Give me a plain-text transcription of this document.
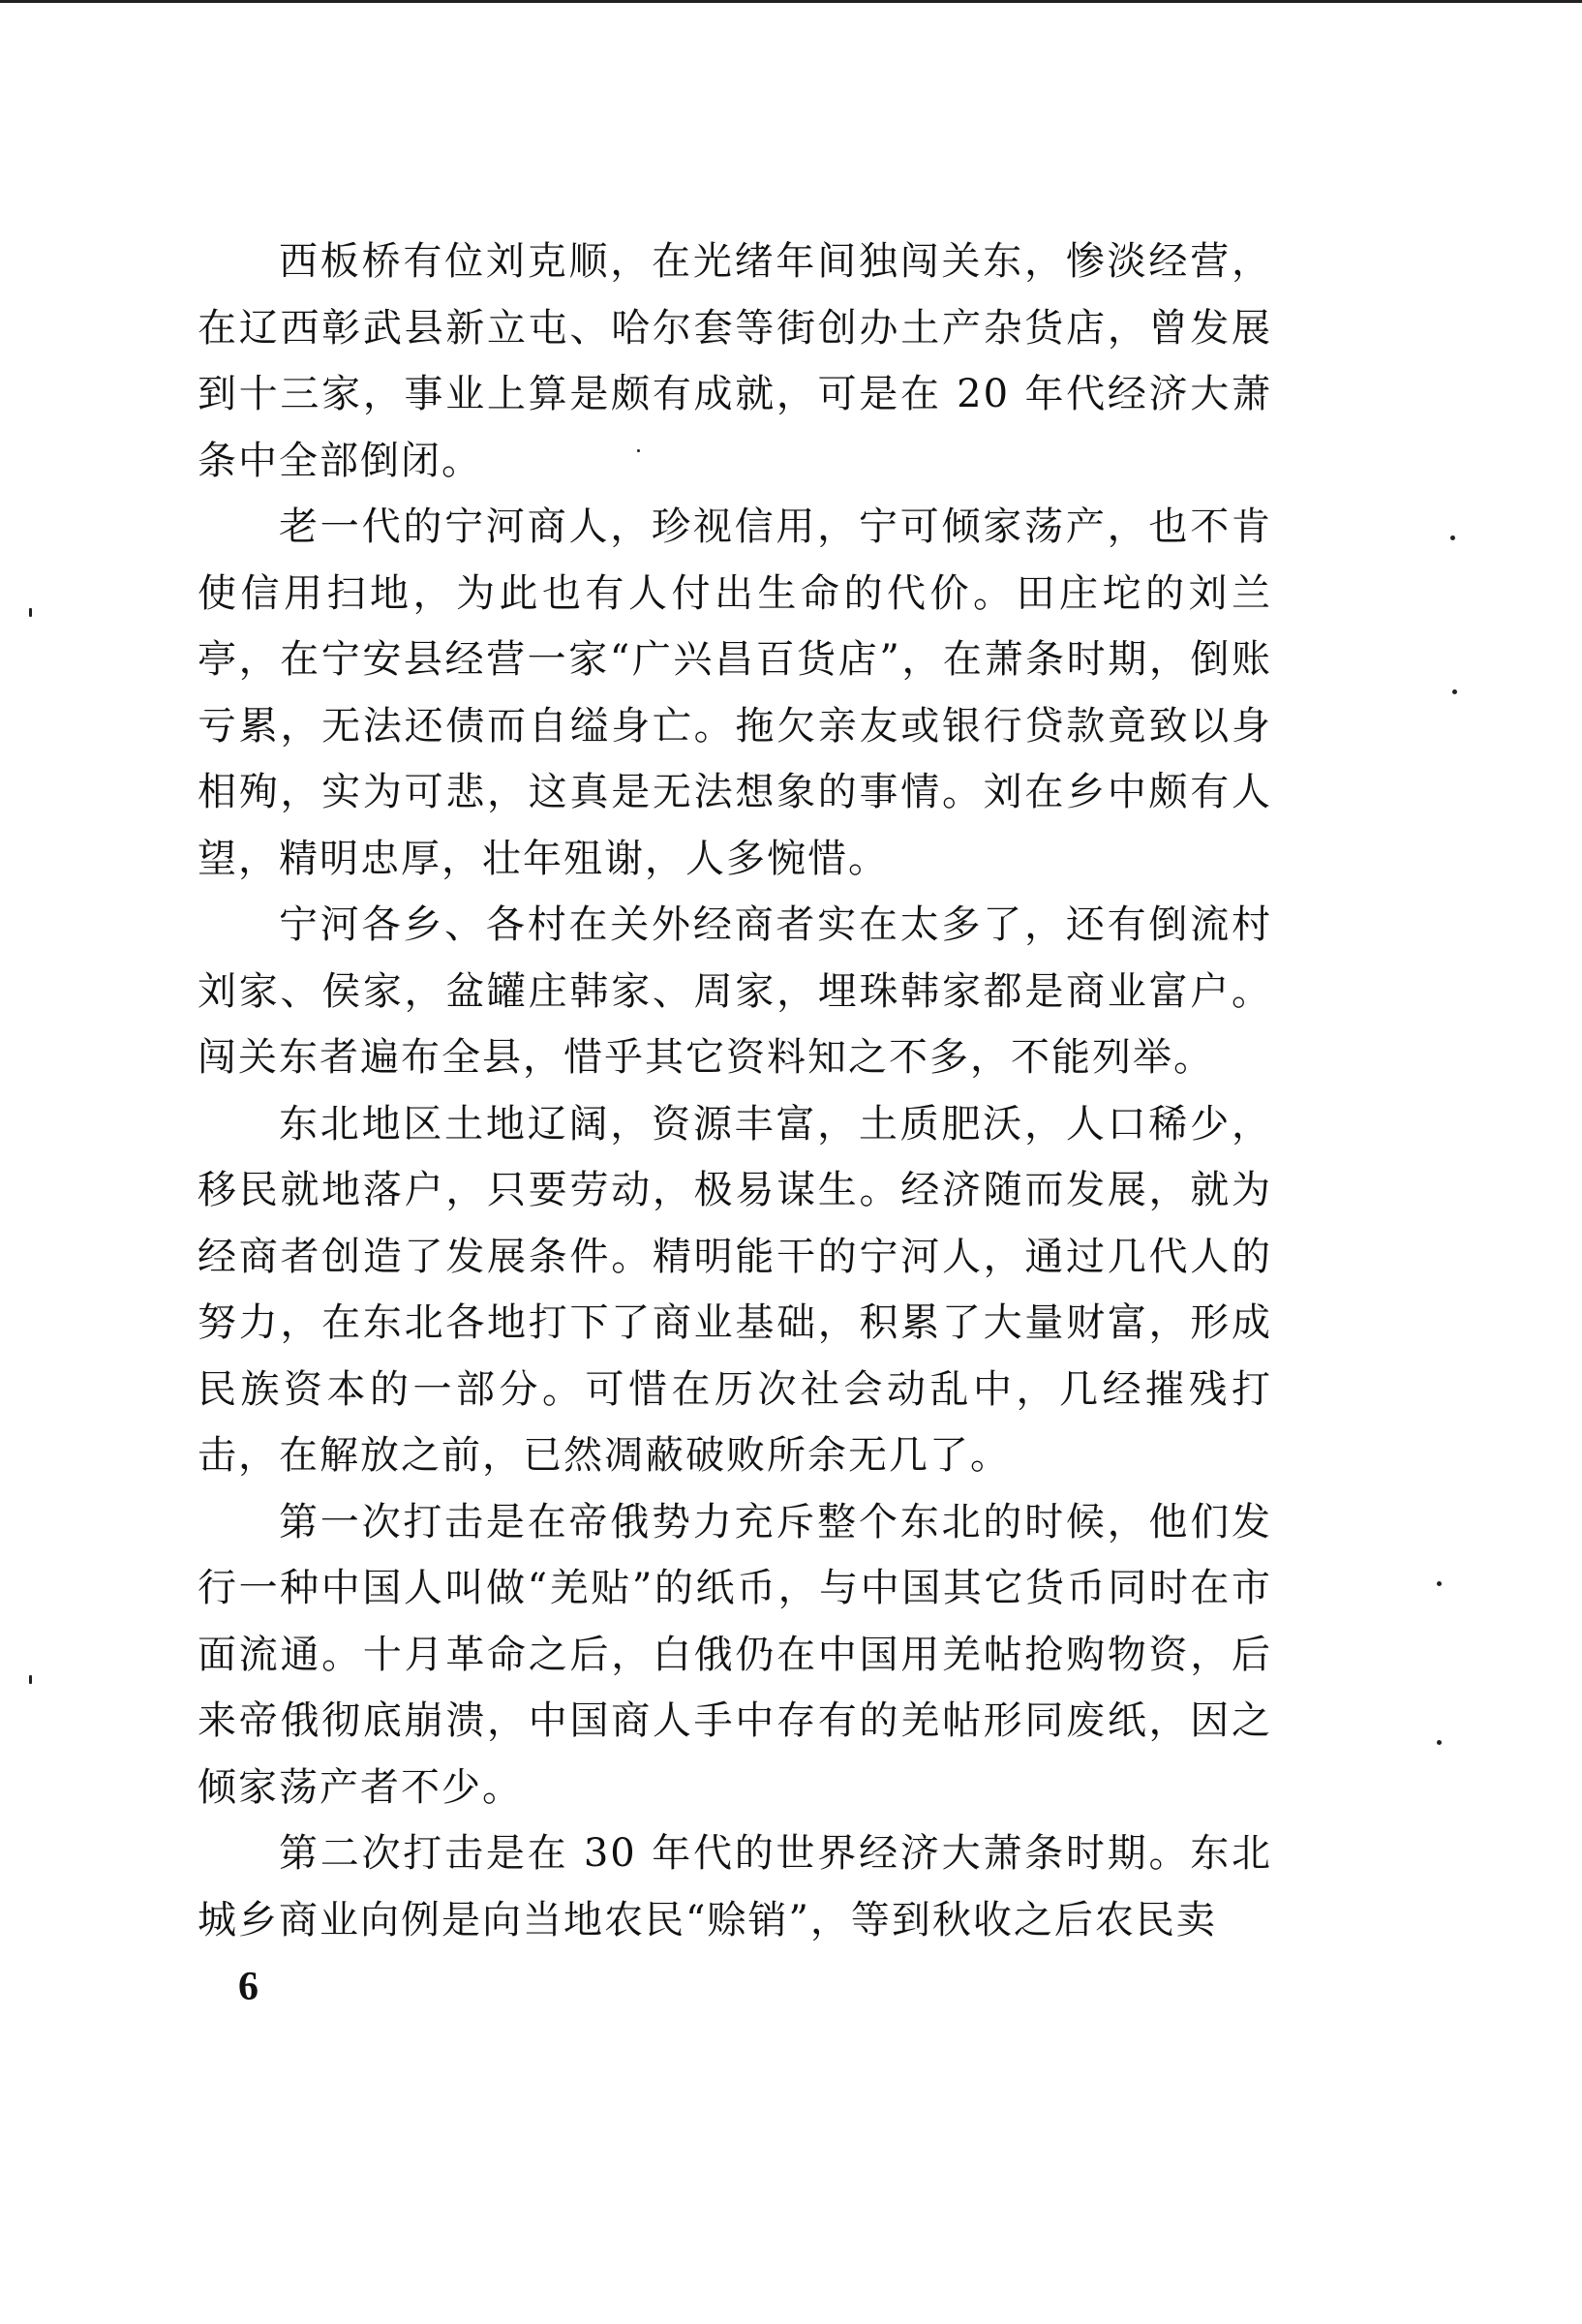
西板桥有位刘克顺，在光绪年间独闯关东，惨淡经营，在辽西彰武县新立屯、哈尔套等街创办土产杂货店，曾发展到十三家，事业上算是颇有成就，可是在 20 年代经济大萧条中全部倒闭。

老一代的宁河商人，珍视信用，宁可倾家荡产，也不肯使信用扫地，为此也有人付出生命的代价。田庄坨的刘兰亭，在宁安县经营一家“广兴昌百货店”，在萧条时期，倒账亏累，无法还债而自缢身亡。拖欠亲友或银行贷款竟致以身相殉，实为可悲，这真是无法想象的事情。刘在乡中颇有人望，精明忠厚，壮年殂谢，人多惋惜。

宁河各乡、各村在关外经商者实在太多了，还有倒流村刘家、侯家，盆罐庄韩家、周家，埋珠韩家都是商业富户。闯关东者遍布全县，惜乎其它资料知之不多，不能列举。

东北地区土地辽阔，资源丰富，土质肥沃，人口稀少，移民就地落户，只要劳动，极易谋生。经济随而发展，就为经商者创造了发展条件。精明能干的宁河人，通过几代人的努力，在东北各地打下了商业基础，积累了大量财富，形成民族资本的一部分。可惜在历次社会动乱中，几经摧残打击，在解放之前，已然凋蔽破败所余无几了。

第一次打击是在帝俄势力充斥整个东北的时候，他们发行一种中国人叫做“羌贴”的纸币，与中国其它货币同时在市面流通。十月革命之后，白俄仍在中国用羌帖抢购物资，后来帝俄彻底崩溃，中国商人手中存有的羌帖形同废纸，因之倾家荡产者不少。

第二次打击是在 30 年代的世界经济大萧条时期。东北城乡商业向例是向当地农民“赊销”，等到秋收之后农民卖

6
